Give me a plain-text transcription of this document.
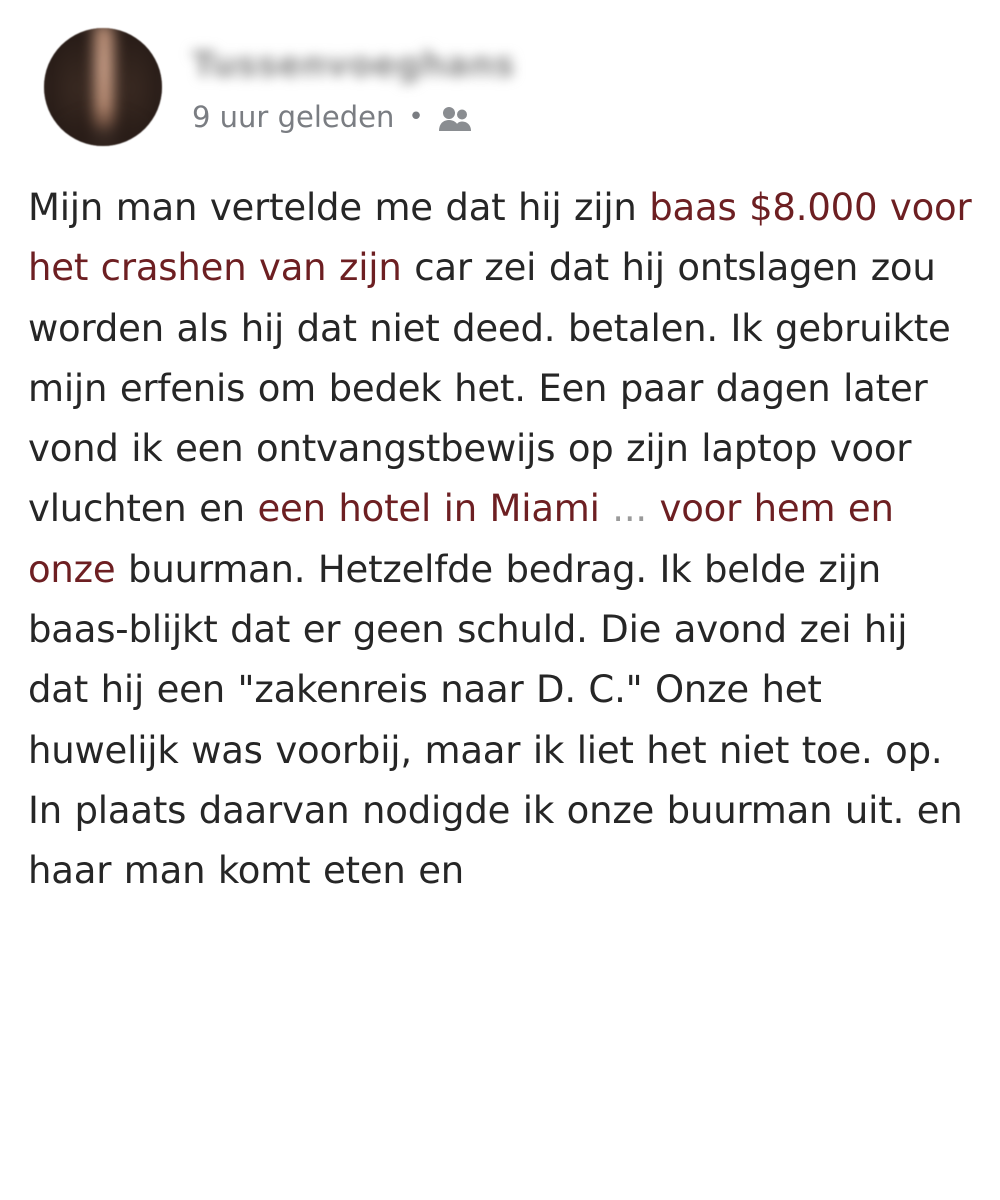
Tussenvoeghans
9 uur geleden •
Mijn man vertelde me dat hij zijn baas $8.000 voor het crashen van zijn car zei dat hij ontslagen zou worden als hij dat niet deed. betalen. Ik gebruikte mijn erfenis om bedek het. Een paar dagen later vond ik een ontvangstbewijs op zijn laptop voor vluchten en een hotel in Miami ... voor hem en onze buurman. Hetzelfde bedrag. Ik belde zijn baas-blijkt dat er geen schuld. Die avond zei hij dat hij een "zakenreis naar D. C." Onze het huwelijk was voorbij, maar ik liet het niet toe. op. In plaats daarvan nodigde ik onze buurman uit. en haar man komt eten en
